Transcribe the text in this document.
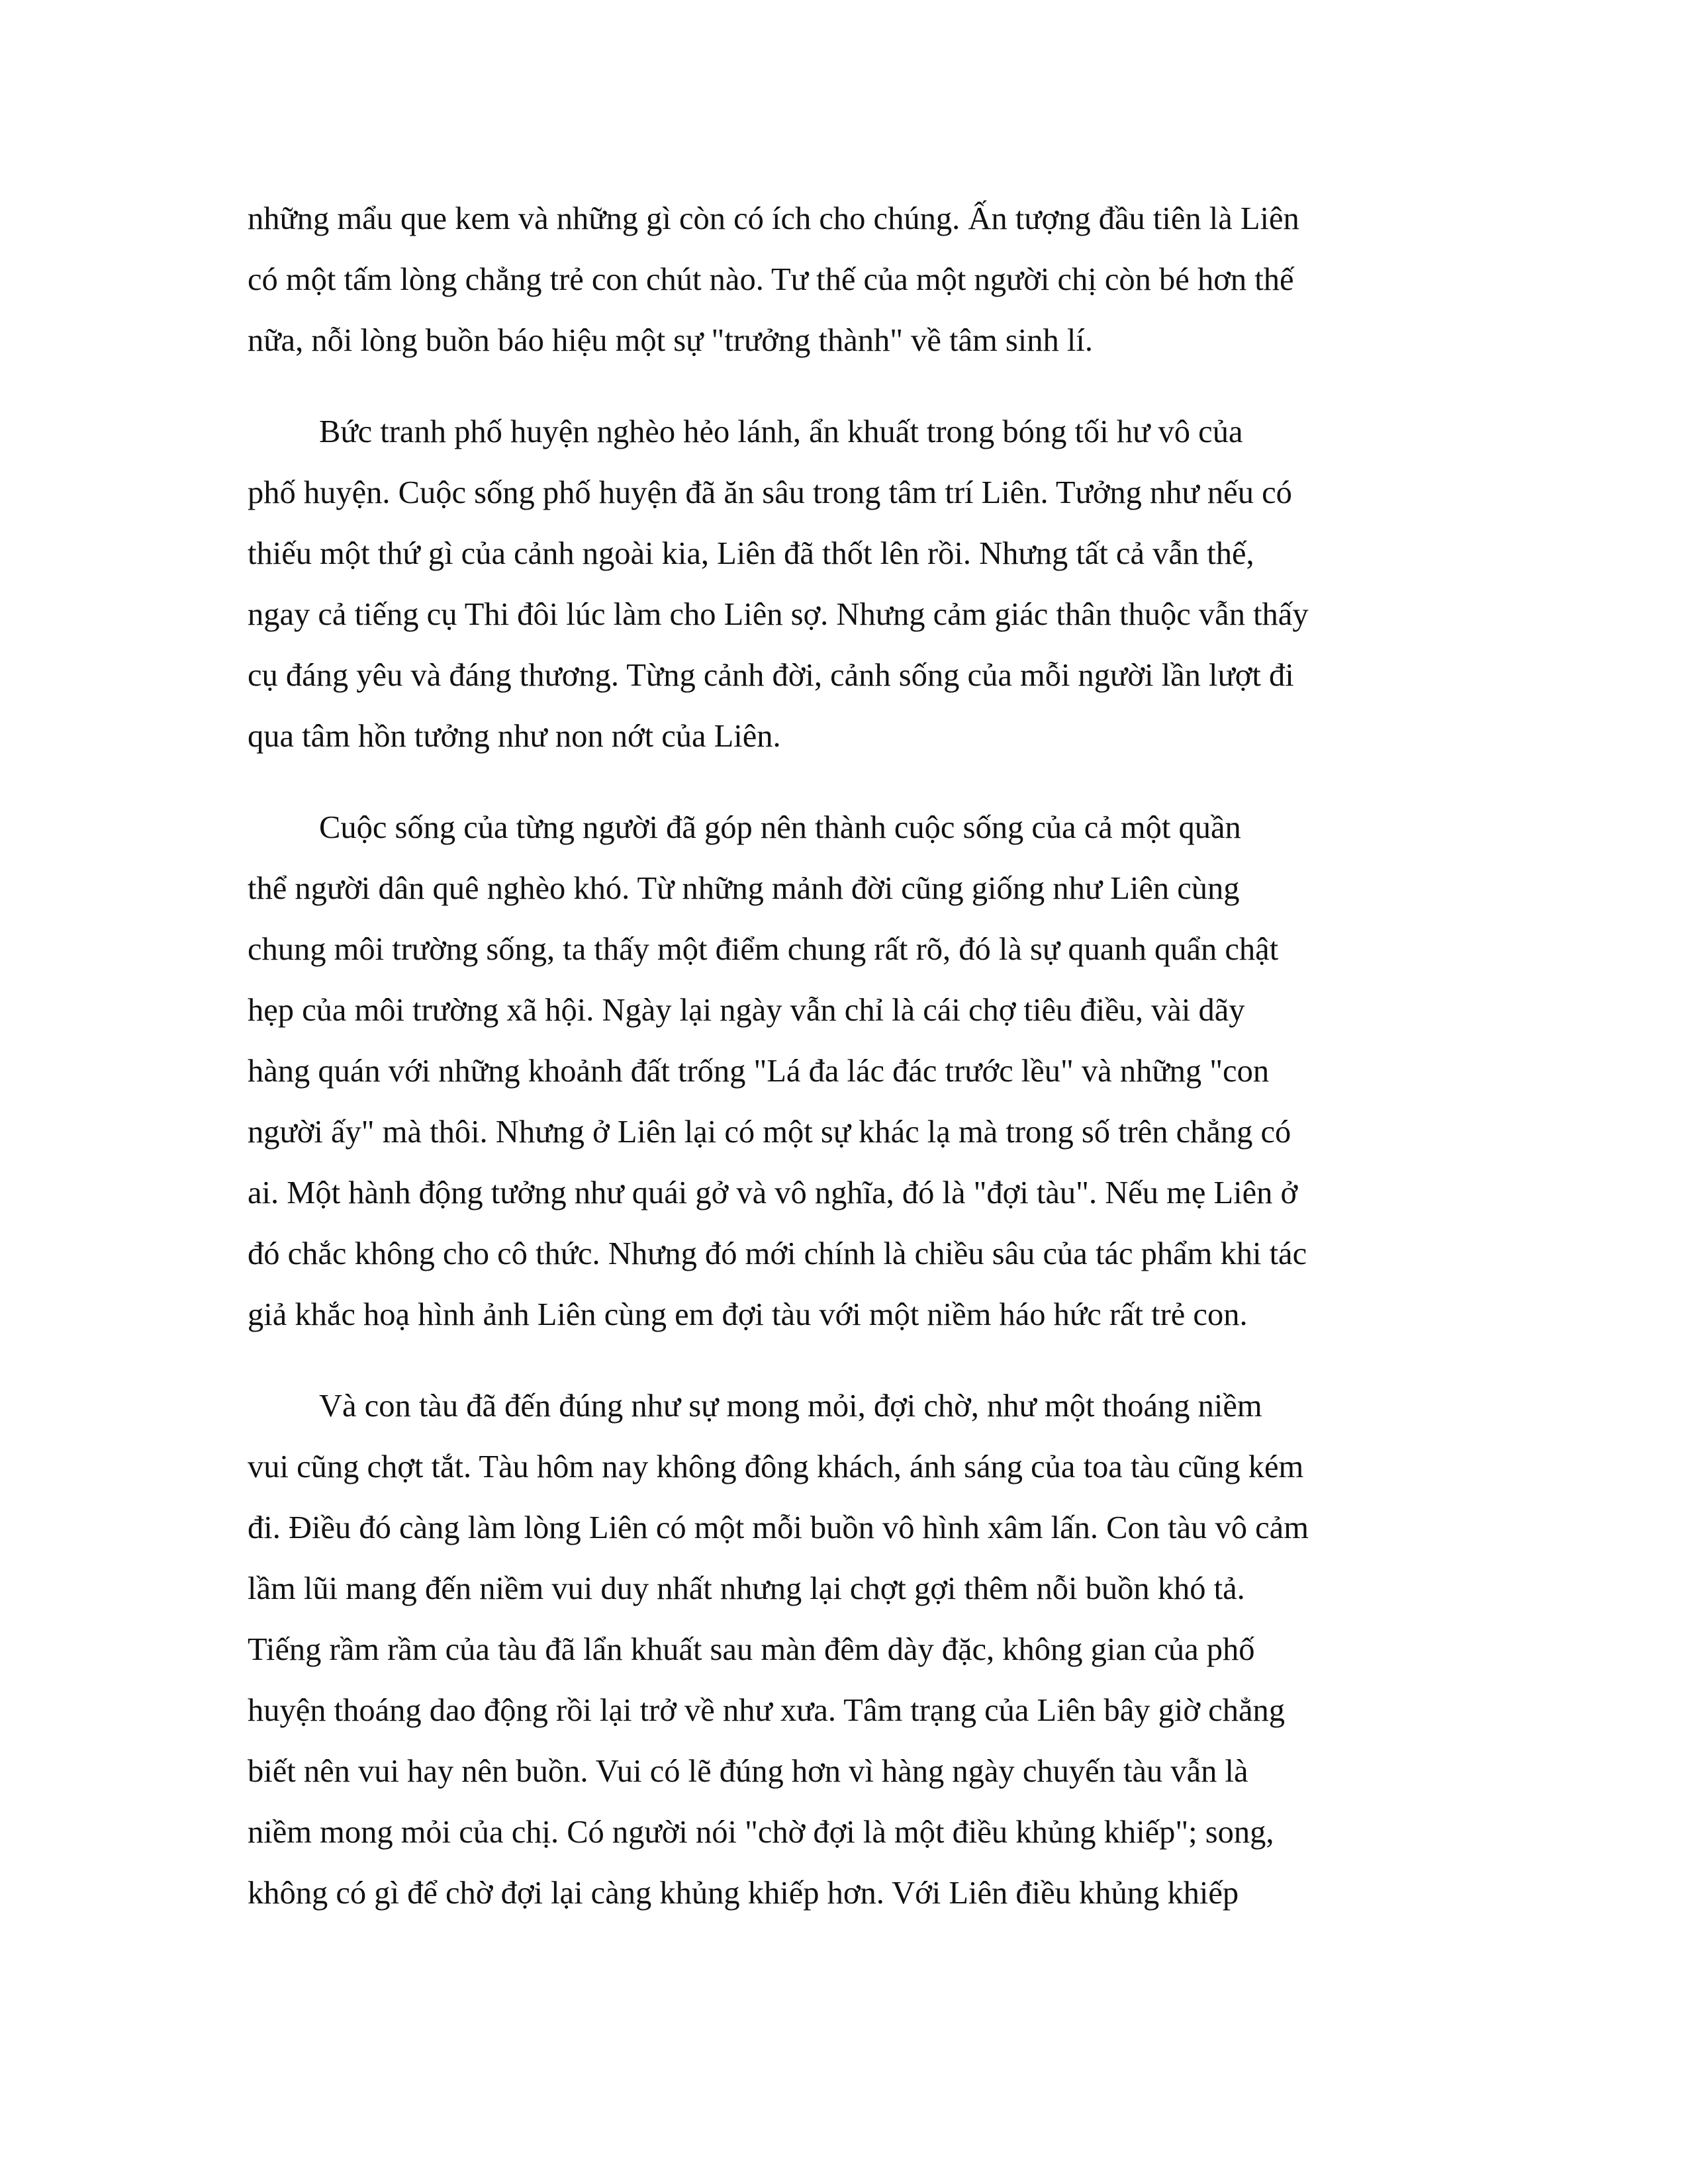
những mẩu que kem và những gì còn có ích cho chúng. Ấn tượng đầu tiên là Liên
có một tấm lòng chẳng trẻ con chút nào. Tư thế của một người chị còn bé hơn thế
nữa, nỗi lòng buồn báo hiệu một sự "trưởng thành" về tâm sinh lí.
Bức tranh phố huyện nghèo hẻo lánh, ẩn khuất trong bóng tối hư vô của
phố huyện. Cuộc sống phố huyện đã ăn sâu trong tâm trí Liên. Tưởng như nếu có
thiếu một thứ gì của cảnh ngoài kia, Liên đã thốt lên rồi. Nhưng tất cả vẫn thế,
ngay cả tiếng cụ Thi đôi lúc làm cho Liên sợ. Nhưng cảm giác thân thuộc vẫn thấy
cụ đáng yêu và đáng thương. Từng cảnh đời, cảnh sống của mỗi người lần lượt đi
qua tâm hồn tưởng như non nớt của Liên.
Cuộc sống của từng người đã góp nên thành cuộc sống của cả một quần
thể người dân quê nghèo khó. Từ những mảnh đời cũng giống như Liên cùng
chung môi trường sống, ta thấy một điểm chung rất rõ, đó là sự quanh quẩn chật
hẹp của môi trường xã hội. Ngày lại ngày vẫn chỉ là cái chợ tiêu điều, vài dãy
hàng quán với những khoảnh đất trống "Lá đa lác đác trước lều" và những "con
người ấy" mà thôi. Nhưng ở Liên lại có một sự khác lạ mà trong số trên chẳng có
ai. Một hành động tưởng như quái gở và vô nghĩa, đó là "đợi tàu". Nếu mẹ Liên ở
đó chắc không cho cô thức. Nhưng đó mới chính là chiều sâu của tác phẩm khi tác
giả khắc hoạ hình ảnh Liên cùng em đợi tàu với một niềm háo hức rất trẻ con.
Và con tàu đã đến đúng như sự mong mỏi, đợi chờ, như một thoáng niềm
vui cũng chợt tắt. Tàu hôm nay không đông khách, ánh sáng của toa tàu cũng kém
đi. Điều đó càng làm lòng Liên có một mỗi buồn vô hình xâm lấn. Con tàu vô cảm
lầm lũi mang đến niềm vui duy nhất nhưng lại chợt gợi thêm nỗi buồn khó tả.
Tiếng rầm rầm của tàu đã lẩn khuất sau màn đêm dày đặc, không gian của phố
huyện thoáng dao động rồi lại trở về như xưa. Tâm trạng của Liên bây giờ chẳng
biết nên vui hay nên buồn. Vui có lẽ đúng hơn vì hàng ngày chuyến tàu vẫn là
niềm mong mỏi của chị. Có người nói "chờ đợi là một điều khủng khiếp"; song,
không có gì để chờ đợi lại càng khủng khiếp hơn. Với Liên điều khủng khiếp
